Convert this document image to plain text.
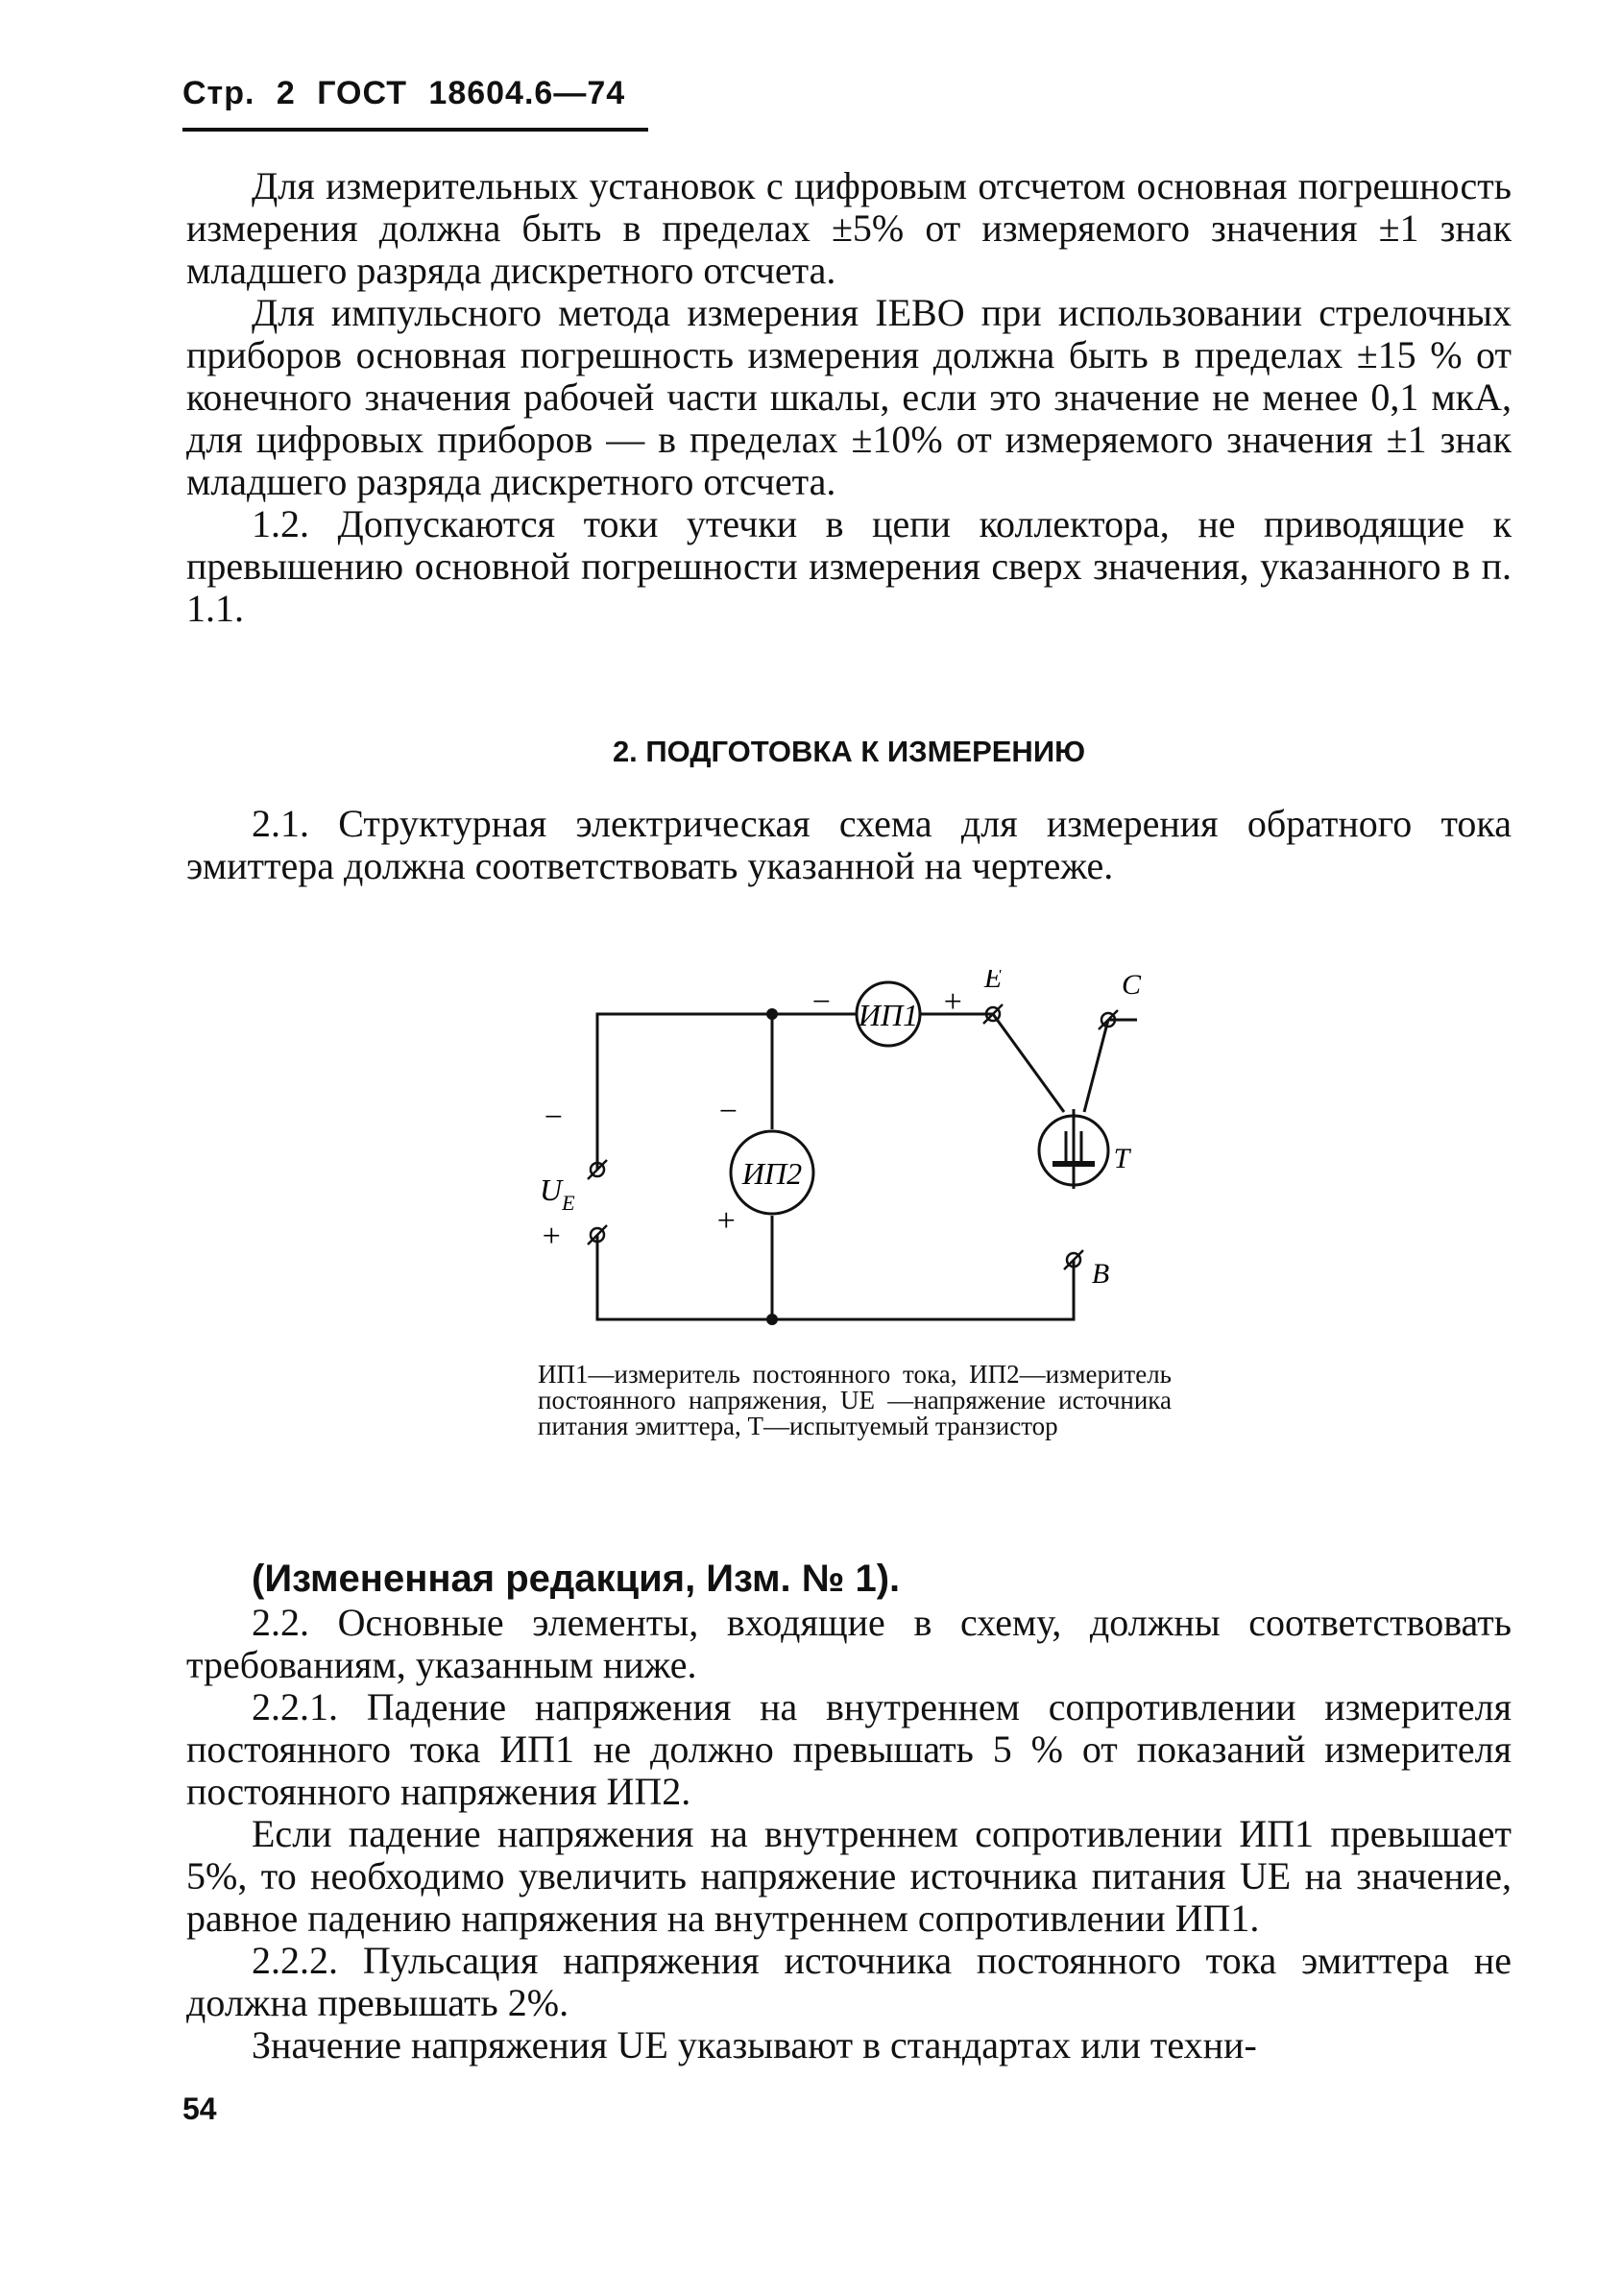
Стр. 2 ГОСТ 18604.6—74

Для измерительных установок с цифровым отсчетом основная погрешность измерения должна быть в пределах ±5% от измеряемого значения ±1 знак младшего разряда дискретного отсчета.

Для импульсного метода измерения IEBO при использовании стрелочных приборов основная погрешность измерения должна быть в пределах ±15 % от конечного значения рабочей части шкалы, если это значение не менее 0,1 мкА, для цифровых приборов — в пределах ±10% от измеряемого значения ±1 знак младшего разряда дискретного отсчета.

1.2. Допускаются токи утечки в цепи коллектора, не приводящие к превышению основной погрешности измерения сверх значения, указанного в п. 1.1.

2. ПОДГОТОВКА К ИЗМЕРЕНИЮ

2.1. Структурная электрическая схема для измерения обратного тока эмиттера должна соответствовать указанной на чертеже.

ИП1
ИП2
−	+
E	C
−
$U_E$
+
−
+
T
B

ИП1—измеритель постоянного тока, ИП2—измеритель постоянного напряжения, UE —напряжение источника питания эмиттера, Т—испытуемый транзистор

(Измененная редакция, Изм. № 1).

2.2. Основные элементы, входящие в схему, должны соответствовать требованиям, указанным ниже.

2.2.1. Падение напряжения на внутреннем сопротивлении измерителя постоянного тока ИП1 не должно превышать 5 % от показаний измерителя постоянного напряжения ИП2.

Если падение напряжения на внутреннем сопротивлении ИП1 превышает 5%, то необходимо увеличить напряжение источника питания UE на значение, равное падению напряжения на внутреннем сопротивлении ИП1.

2.2.2. Пульсация напряжения источника постоянного тока эмиттера не должна превышать 2%.

Значение напряжения UE указывают в стандартах или техни-

54
